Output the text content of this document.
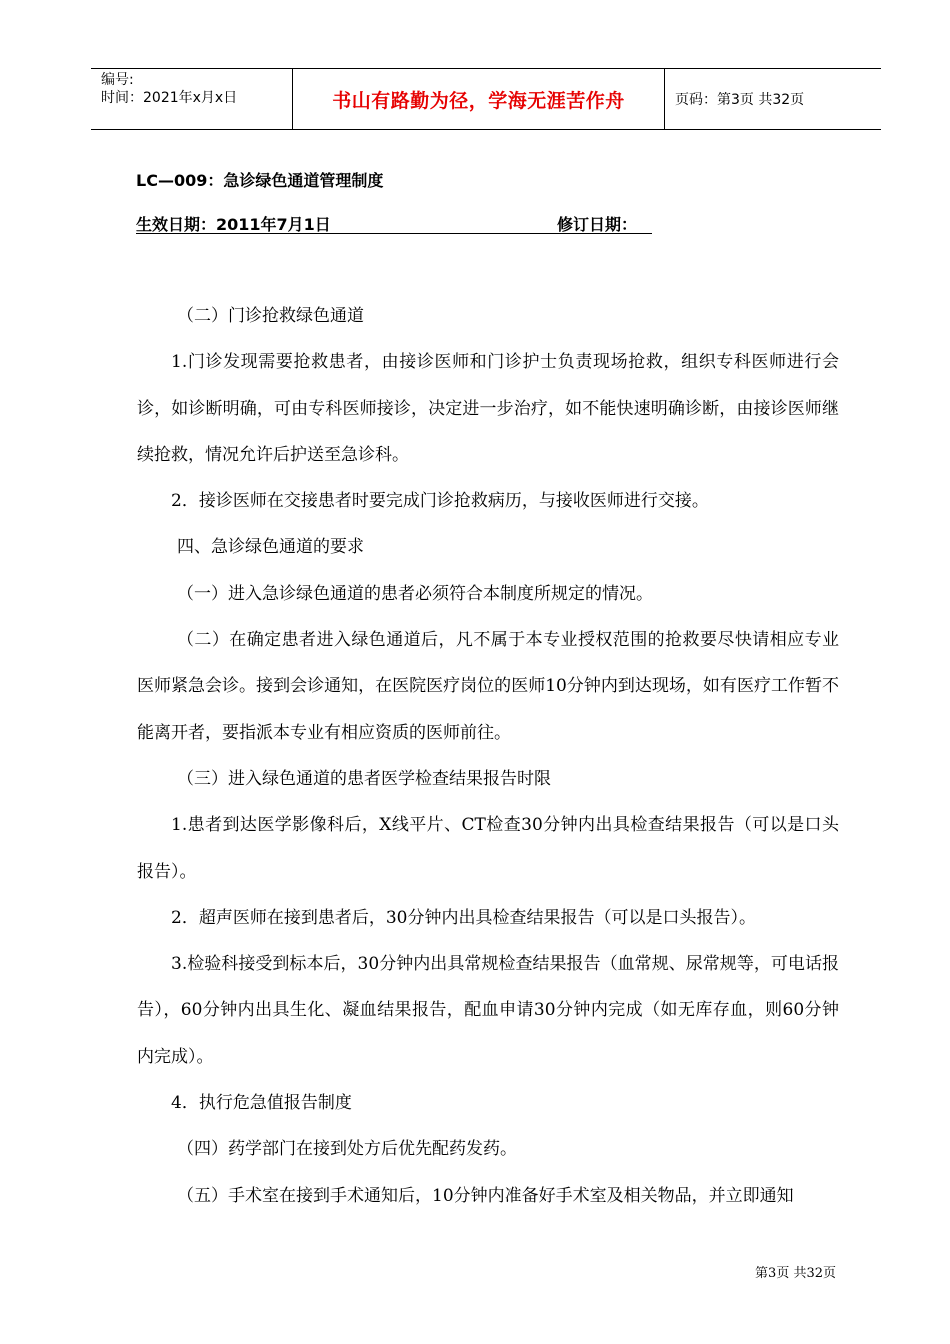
编号:
时间：2021年x月x日	书山有路勤为径，学海无涯苦作舟	页码：第3页 共32页
LC—009：急诊绿色通道管理制度
生效日期：2011年7月1日	修订日期：

（二）门诊抢救绿色通道

1.门诊发现需要抢救患者，由接诊医师和门诊护士负责现场抢救，组织专科医师进行会诊，如诊断明确，可由专科医师接诊，决定进一步治疗，如不能快速明确诊断，由接诊医师继续抢救，情况允许后护送至急诊科。

2．接诊医师在交接患者时要完成门诊抢救病历，与接收医师进行交接。

四、急诊绿色通道的要求

（一）进入急诊绿色通道的患者必须符合本制度所规定的情况。

（二）在确定患者进入绿色通道后，凡不属于本专业授权范围的抢救要尽快请相应专业医师紧急会诊。接到会诊通知，在医院医疗岗位的医师10分钟内到达现场，如有医疗工作暂不能离开者，要指派本专业有相应资质的医师前往。

（三）进入绿色通道的患者医学检查结果报告时限

1.患者到达医学影像科后，X线平片、CT检查30分钟内出具检查结果报告（可以是口头报告）。

2．超声医师在接到患者后，30分钟内出具检查结果报告（可以是口头报告）。

3.检验科接受到标本后，30分钟内出具常规检查结果报告（血常规、尿常规等，可电话报告），60分钟内出具生化、凝血结果报告，配血申请30分钟内完成（如无库存血，则60分钟内完成）。

4．执行危急值报告制度

（四）药学部门在接到处方后优先配药发药。

（五）手术室在接到手术通知后，10分钟内准备好手术室及相关物品，并立即通知

第3页 共32页
